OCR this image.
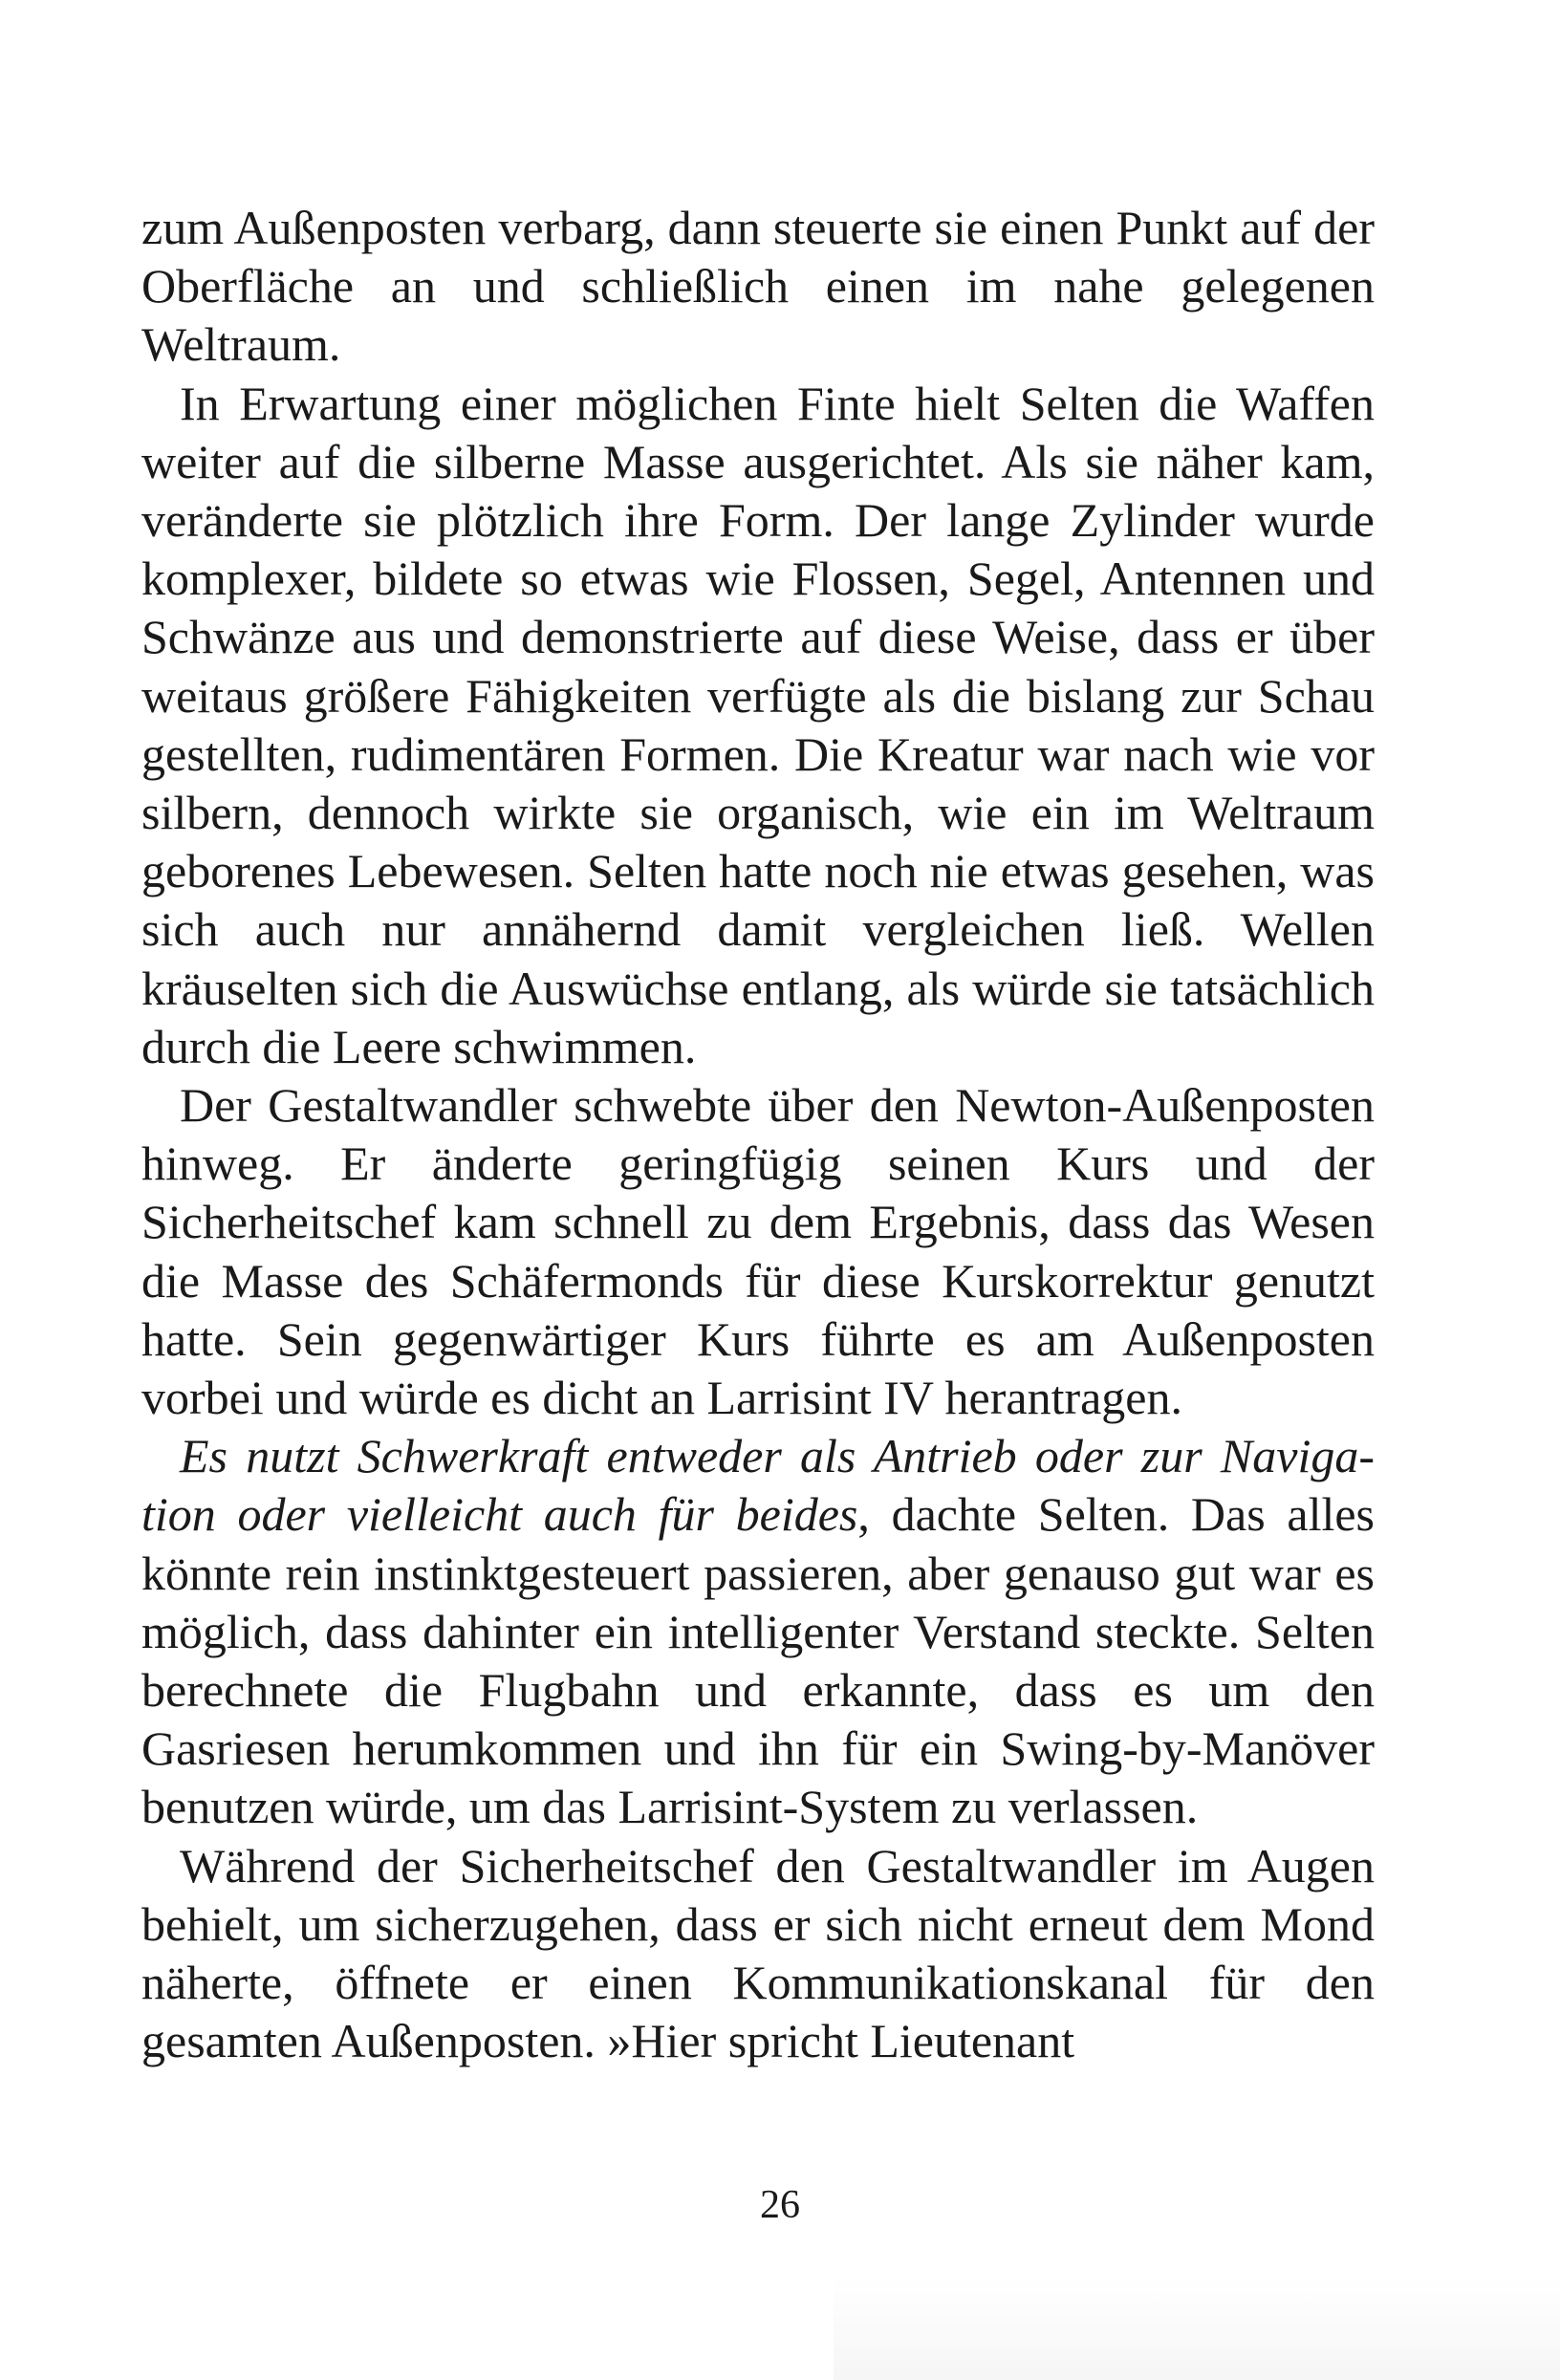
zum Außenposten verbarg, dann steuerte sie einen Punkt auf der Oberfläche an und schließlich einen im nahe gelegenen Weltraum.

In Erwartung einer möglichen Finte hielt Selten die Waffen weiter auf die silberne Masse ausgerichtet. Als sie näher kam, veränderte sie plötzlich ihre Form. Der lange Zylinder wurde komplexer, bildete so etwas wie Flossen, Segel, Antennen und Schwänze aus und demonstrierte auf diese Weise, dass er über weitaus größere Fähigkeiten verfügte als die bislang zur Schau gestellten, rudimentären Formen. Die Kreatur war nach wie vor silbern, dennoch wirkte sie organisch, wie ein im Weltraum geborenes Lebewesen. Selten hatte noch nie etwas gesehen, was sich auch nur annähernd damit vergleichen ließ. Wellen kräuselten sich die Auswüchse entlang, als würde sie tatsächlich durch die Leere schwimmen.

Der Gestaltwandler schwebte über den Newton-Außenposten hinweg. Er änderte geringfügig seinen Kurs und der Sicherheitschef kam schnell zu dem Ergebnis, dass das Wesen die Masse des Schäfermonds für diese Kurskorrektur genutzt hatte. Sein gegenwärtiger Kurs führte es am Außenposten vorbei und würde es dicht an Larrisint IV herantragen.

Es nutzt Schwerkraft entweder als Antrieb oder zur Navigation oder vielleicht auch für beides, dachte Selten. Das alles könnte rein instinktgesteuert passieren, aber genauso gut war es möglich, dass dahinter ein intelligenter Verstand steckte. Selten berechnete die Flugbahn und erkannte, dass es um den Gasriesen herumkommen und ihn für ein Swing-by-Manöver benutzen würde, um das Larrisint-System zu verlassen.

Während der Sicherheitschef den Gestaltwandler im Augen behielt, um sicherzugehen, dass er sich nicht erneut dem Mond näherte, öffnete er einen Kommunikationskanal für den gesamten Außenposten. »Hier spricht Lieutenant

26
